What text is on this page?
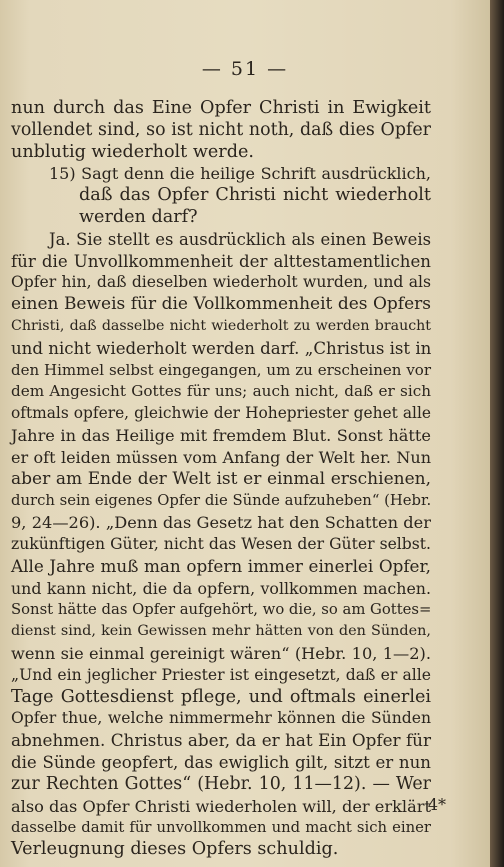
— 51 —
nun durch das Eine Opfer Christi in Ewigkeit
vollendet sind, so ist nicht noth, daß dies Opfer
unblutig wiederholt werde.
15) Sagt denn die heilige Schrift ausdrücklich,
daß das Opfer Christi nicht wiederholt
werden darf?
Ja. Sie stellt es ausdrücklich als einen Beweis
für die Unvollkommenheit der alttestamentlichen
Opfer hin, daß dieselben wiederholt wurden, und als
einen Beweis für die Vollkommenheit des Opfers
Christi, daß dasselbe nicht wiederholt zu werden braucht
und nicht wiederholt werden darf. „Christus ist in
den Himmel selbst eingegangen, um zu erscheinen vor
dem Angesicht Gottes für uns; auch nicht, daß er sich
oftmals opfere, gleichwie der Hohepriester gehet alle
Jahre in das Heilige mit fremdem Blut. Sonst hätte
er oft leiden müssen vom Anfang der Welt her. Nun
aber am Ende der Welt ist er einmal erschienen,
durch sein eigenes Opfer die Sünde aufzuheben“ (Hebr.
9, 24—26). „Denn das Gesetz hat den Schatten der
zukünftigen Güter, nicht das Wesen der Güter selbst.
Alle Jahre muß man opfern immer einerlei Opfer,
und kann nicht, die da opfern, vollkommen machen.
Sonst hätte das Opfer aufgehört, wo die, so am Gottes=
dienst sind, kein Gewissen mehr hätten von den Sünden,
wenn sie einmal gereinigt wären“ (Hebr. 10, 1—2).
„Und ein jeglicher Priester ist eingesetzt, daß er alle
Tage Gottesdienst pflege, und oftmals einerlei
Opfer thue, welche nimmermehr können die Sünden
abnehmen. Christus aber, da er hat Ein Opfer für
die Sünde geopfert, das ewiglich gilt, sitzt er nun
zur Rechten Gottes“ (Hebr. 10, 11—12). — Wer
also das Opfer Christi wiederholen will, der erklärt
dasselbe damit für unvollkommen und macht sich einer
Verleugnung dieses Opfers schuldig.
4*
